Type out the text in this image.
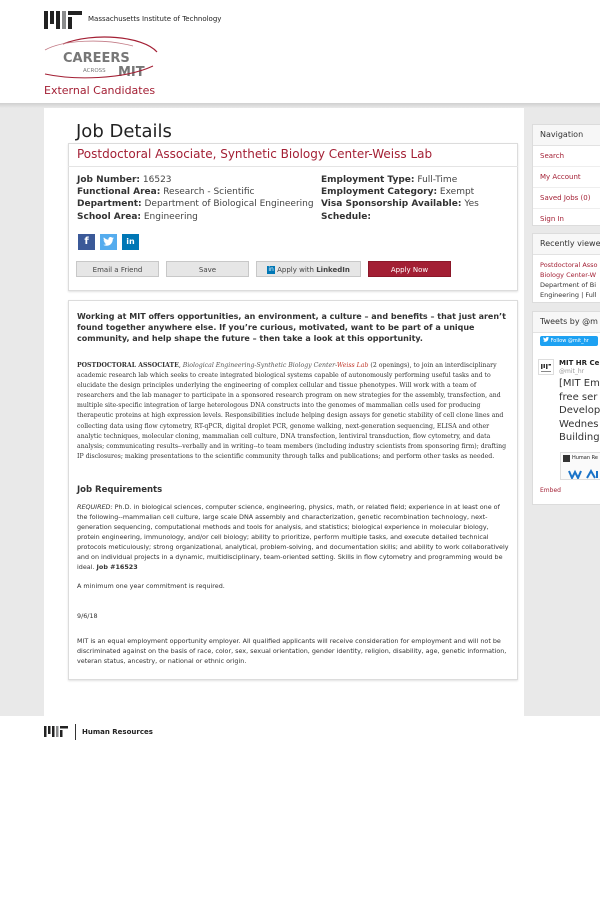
Massachusetts Institute of Technology
CAREERS
ACROSS MIT
External Candidates
Job Details
Postdoctoral Associate, Synthetic Biology Center-Weiss Lab
Job Number: 16523
Functional Area: Research - Scientific
Department: Department of Biological Engineering
School Area: Engineering
Employment Type: Full-Time
Employment Category: Exempt
Visa Sponsorship Available: Yes
Schedule:
f	in
Email a Friend	Save	in Apply with LinkedIn	Apply Now
Working at MIT offers opportunities, an environment, a culture – and benefits – that just aren’t found together anywhere else. If you’re curious, motivated, want to be part of a unique community, and help shape the future – then take a look at this opportunity.
POSTDOCTORAL ASSOCIATE, Biological Engineering-Synthetic Biology Center-Weiss Lab (2 openings), to join an interdisciplinary academic research lab which seeks to create integrated biological systems capable of autonomously performing useful tasks and to elucidate the design principles underlying the engineering of complex cellular and tissue phenotypes. Will work with a team of researchers and the lab manager to participate in a sponsored research program on new strategies for the assembly, transfection, and multiple site-specific integration of large heterologous DNA constructs into the genomes of mammalian cells used for producing therapeutic proteins at high expression levels. Responsibilities include helping design assays for genetic stability of cell clone lines and collecting data using flow cytometry, RT-qPCR, digital droplet PCR, genome walking, next-generation sequencing, ELISA and other analytic techniques, molecular cloning, mammalian cell culture, DNA transfection, lentiviral transduction, flow cytometry, and data analysis; communicating results--verbally and in writing--to team members (including industry scientists from sponsoring firm); drafting IP disclosures; making presentations to the scientific community through talks and publications; and perform other tasks as needed.
Job Requirements
REQUIRED: Ph.D. in biological sciences, computer science, engineering, physics, math, or related field; experience in at least one of the following--mammalian cell culture, large scale DNA assembly and characterization, genetic recombination technology, next-generation sequencing, computational methods and tools for analysis, and statistics; biological experience in molecular biology, protein engineering, immunology, and/or cell biology; ability to prioritize, perform multiple tasks, and execute detailed technical protocols meticulously; strong organizational, analytical, problem-solving, and documentation skills; and ability to work collaboratively and on individual projects in a dynamic, multidisciplinary, team-oriented setting. Skills in flow cytometry and programming would be ideal. Job #16523
A minimum one year commitment is required.
9/6/18
MIT is an equal employment opportunity employer. All qualified applicants will receive consideration for employment and will not be discriminated against on the basis of race, color, sex, sexual orientation, gender identity, religion, disability, age, genetic information, veteran status, ancestry, or national or ethnic origin.
Navigation
Search
My Account
Saved Jobs (0)
Sign In
Recently viewe
Postdoctoral Asso
Biology Center-W
Department of Bi
Engineering | Full
Tweets by @m
Follow @mit_hr
MIT HR Ce
@mit_hr
[MIT Em
free ser
Develop
Wednes
Building
Human Re
Embed
Human Resources
